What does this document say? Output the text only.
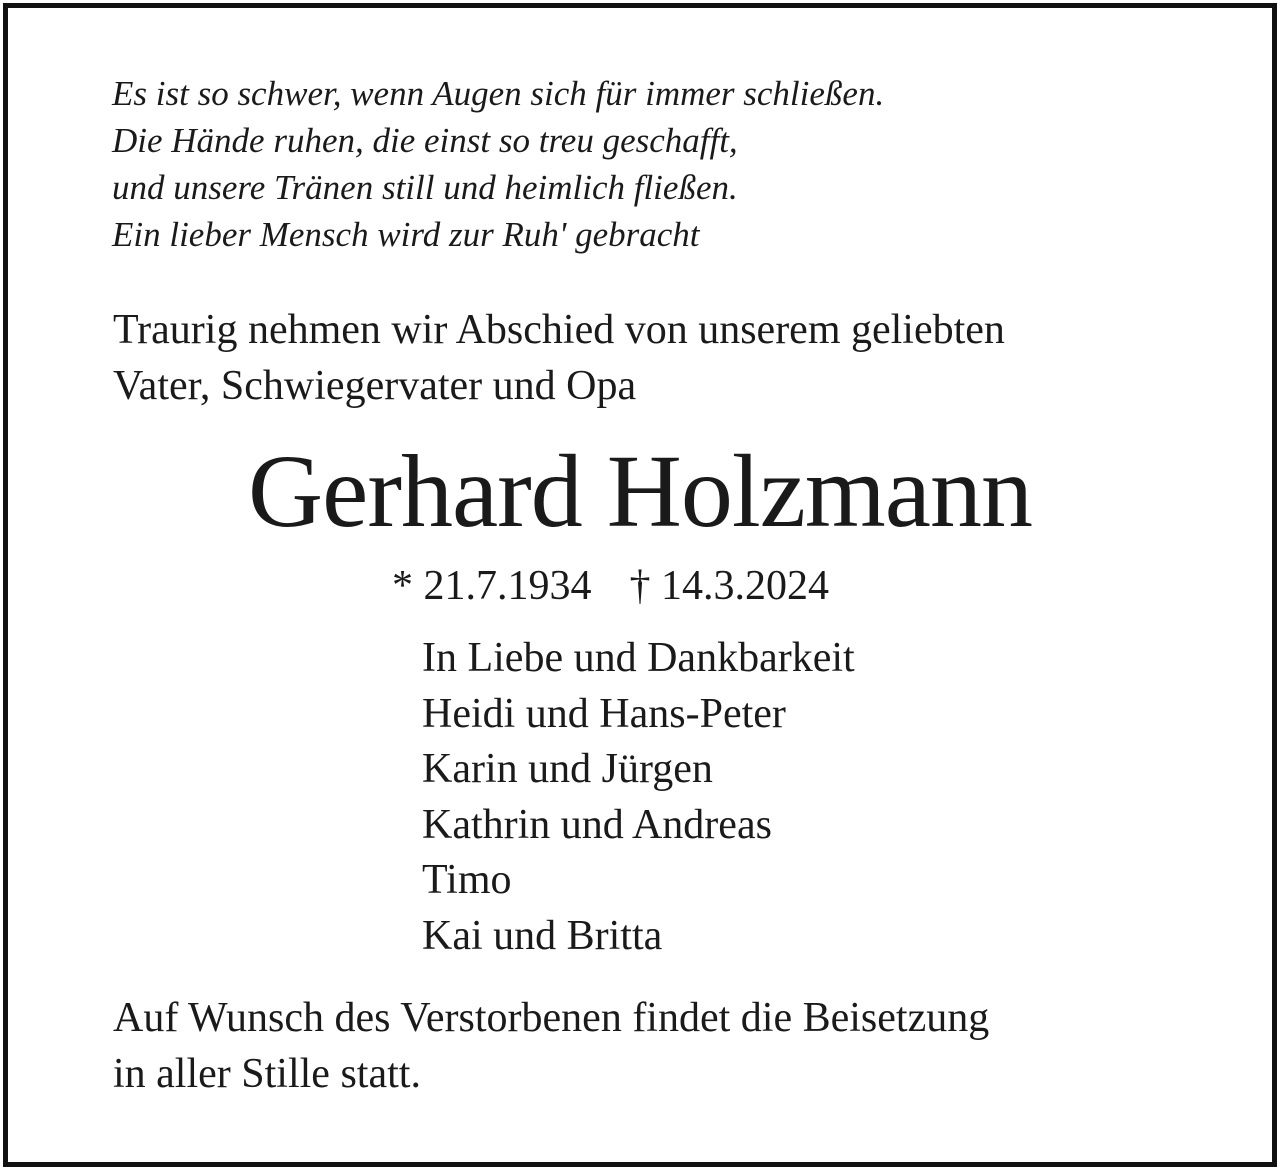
Es ist so schwer, wenn Augen sich für immer schließen.
Die Hände ruhen, die einst so treu geschafft,
und unsere Tränen still und heimlich fließen.
Ein lieber Mensch wird zur Ruh' gebracht
Traurig nehmen wir Abschied von unserem geliebten
Vater, Schwiegervater und Opa
Gerhard Holzmann
* 21.7.1934 † 14.3.2024
In Liebe und Dankbarkeit
Heidi und Hans-Peter
Karin und Jürgen
Kathrin und Andreas
Timo
Kai und Britta
Auf Wunsch des Verstorbenen findet die Beisetzung
in aller Stille statt.
